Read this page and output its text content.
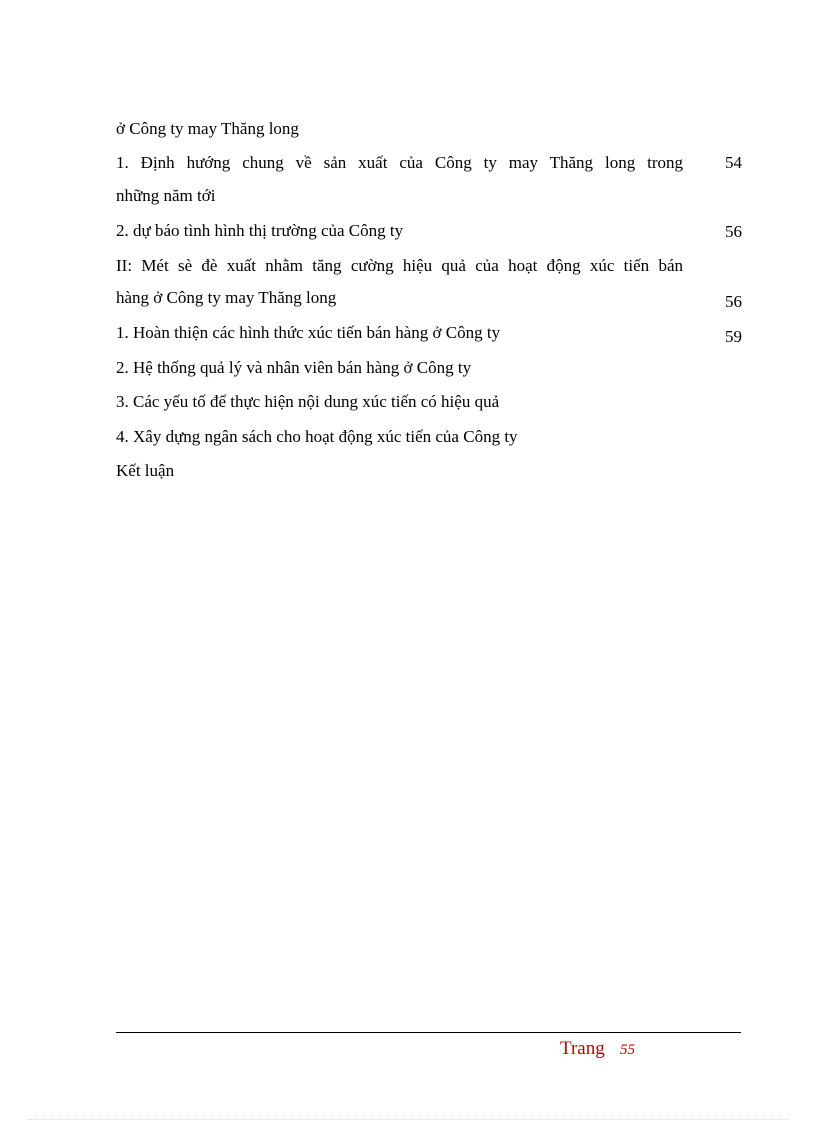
ở Công ty may Thăng long
1. Định hướng chung về sản xuất của Công ty may Thăng long trong	54
những năm tới
2. dự báo tình hình thị trường của Công ty	56
II: Mét sè đè xuất nhằm tăng cường hiệu quả của hoạt động xúc tiến bán
hàng ở Công ty may Thăng long	56
1. Hoàn thiện các hình thức xúc tiến bán hàng ở Công ty	59
2. Hệ thống quả lý và nhân viên bán hàng ở Công ty
3. Các yếu tố để thực hiện nội dung xúc tiến có hiệu quả
4. Xây dựng ngân sách cho hoạt động xúc tiến của Công ty
Kết luận
Trang 55
